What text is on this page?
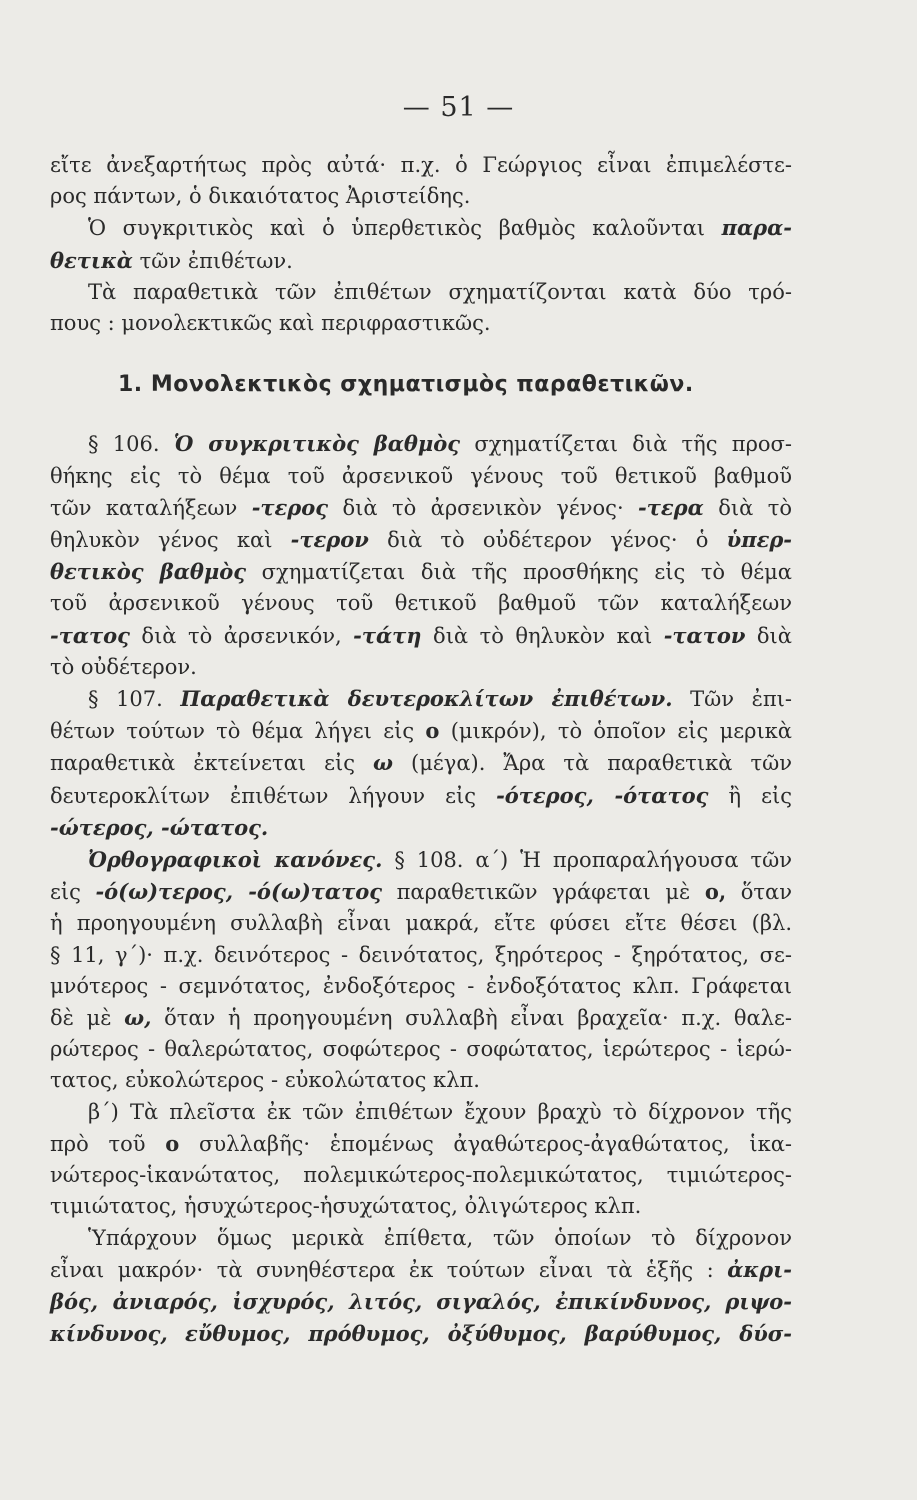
— 51 —
εἴτε ἀνεξαρτήτως πρὸς αὐτά· π.χ. ὁ Γεώργιος εἶναι ἐπιμελέστε-
ρος πάντων, ὁ δικαιότατος Ἀριστείδης.
Ὁ συγκριτικὸς καὶ ὁ ὑπερθετικὸς βαθμὸς καλοῦνται παρα-
θετικὰ τῶν ἐπιθέτων.
Τὰ παραθετικὰ τῶν ἐπιθέτων σχηματίζονται κατὰ δύο τρό-
πους : μονολεκτικῶς καὶ περιφραστικῶς.
1. Μονολεκτικὸς σχηματισμὸς παραθετικῶν.
§ 106. Ὁ συγκριτικὸς βαθμὸς σχηματίζεται διὰ τῆς προσ-
θήκης εἰς τὸ θέμα τοῦ ἀρσενικοῦ γένους τοῦ θετικοῦ βαθμοῦ
τῶν καταλήξεων -τερος διὰ τὸ ἀρσενικὸν γένος· -τερα διὰ τὸ
θηλυκὸν γένος καὶ -τερον διὰ τὸ οὐδέτερον γένος· ὁ ὑπερ-
θετικὸς βαθμὸς σχηματίζεται διὰ τῆς προσθήκης εἰς τὸ θέμα
τοῦ ἀρσενικοῦ γένους τοῦ θετικοῦ βαθμοῦ τῶν καταλήξεων
-τατος διὰ τὸ ἀρσενικόν, -τάτη διὰ τὸ θηλυκὸν καὶ -τατον διὰ
τὸ οὐδέτερον.
§ 107. Παραθετικὰ δευτεροκλίτων ἐπιθέτων. Τῶν ἐπι-
θέτων τούτων τὸ θέμα λήγει εἰς ο (μικρόν), τὸ ὁποῖον εἰς μερικὰ
παραθετικὰ ἐκτείνεται εἰς ω (μέγα). Ἄρα τὰ παραθετικὰ τῶν
δευτεροκλίτων ἐπιθέτων λήγουν εἰς -ότερος, -ότατος ἢ εἰς
-ώτερος, -ώτατος.
Ὀρθογραφικοὶ κανόνες. § 108. α΄) Ἡ προπαραλήγουσα τῶν
εἰς -ό(ω)τερος, -ό(ω)τατος παραθετικῶν γράφεται μὲ ο, ὅταν
ἡ προηγουμένη συλλαβὴ εἶναι μακρά, εἴτε φύσει εἴτε θέσει (βλ.
§ 11, γ΄)· π.χ. δεινότερος - δεινότατος, ξηρότερος - ξηρότατος, σε-
μνότερος - σεμνότατος, ἐνδοξότερος - ἐνδοξότατος κλπ. Γράφεται
δὲ μὲ ω, ὅταν ἡ προηγουμένη συλλαβὴ εἶναι βραχεῖα· π.χ. θαλε-
ρώτερος - θαλερώτατος, σοφώτερος - σοφώτατος, ἱερώτερος - ἱερώ-
τατος, εὐκολώτερος - εὐκολώτατος κλπ.
β΄) Τὰ πλεῖστα ἐκ τῶν ἐπιθέτων ἔχουν βραχὺ τὸ δίχρονον τῆς
πρὸ τοῦ ο συλλαβῆς· ἑπομένως ἀγαθώτερος-ἀγαθώτατος, ἱκα-
νώτερος-ἱκανώτατος, πολεμικώτερος-πολεμικώτατος, τιμιώτερος-
τιμιώτατος, ἡσυχώτερος-ἡσυχώτατος, ὀλιγώτερος κλπ.
Ὑπάρχουν ὅμως μερικὰ ἐπίθετα, τῶν ὁποίων τὸ δίχρονον
εἶναι μακρόν· τὰ συνηθέστερα ἐκ τούτων εἶναι τὰ ἑξῆς : ἀκρι-
βός, ἀνιαρός, ἰσχυρός, λιτός, σιγαλός, ἐπικίνδυνος, ριψο-
κίνδυνος, εὔθυμος, πρόθυμος, ὀξύθυμος, βαρύθυμος, δύσ-
